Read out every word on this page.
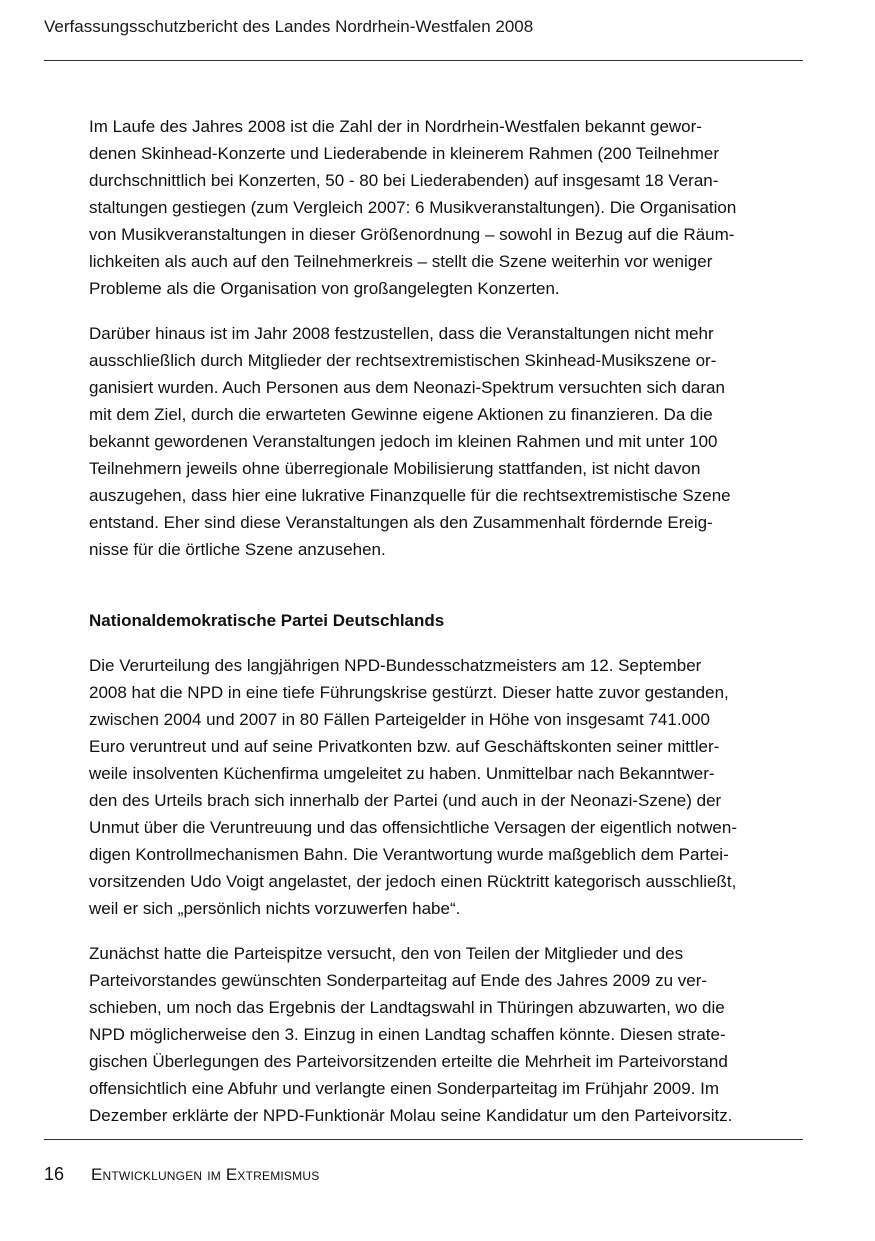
Verfassungsschutzbericht des Landes Nordrhein-Westfalen 2008

Im Laufe des Jahres 2008 ist die Zahl der in Nordrhein-Westfalen bekannt gewor-
denen Skinhead-Konzerte und Liederabende in kleinerem Rahmen (200 Teilnehmer
durchschnittlich bei Konzerten, 50 - 80 bei Liederabenden) auf insgesamt 18 Veran-
staltungen gestiegen (zum Vergleich 2007: 6 Musikveranstaltungen). Die Organisation
von Musikveranstaltungen in dieser Größenordnung – sowohl in Bezug auf die Räum-
lichkeiten als auch auf den Teilnehmerkreis – stellt die Szene weiterhin vor weniger
Probleme als die Organisation von großangelegten Konzerten.

Darüber hinaus ist im Jahr 2008 festzustellen, dass die Veranstaltungen nicht mehr
ausschließlich durch Mitglieder der rechtsextremistischen Skinhead-Musikszene or-
ganisiert wurden. Auch Personen aus dem Neonazi-Spektrum versuchten sich daran
mit dem Ziel, durch die erwarteten Gewinne eigene Aktionen zu finanzieren. Da die
bekannt gewordenen Veranstaltungen jedoch im kleinen Rahmen und mit unter 100
Teilnehmern jeweils ohne überregionale Mobilisierung stattfanden, ist nicht davon
auszugehen, dass hier eine lukrative Finanzquelle für die rechtsextremistische Szene
entstand. Eher sind diese Veranstaltungen als den Zusammenhalt fördernde Ereig-
nisse für die örtliche Szene anzusehen.

Nationaldemokratische Partei Deutschlands

Die Verurteilung des langjährigen NPD-Bundesschatzmeisters am 12. September
2008 hat die NPD in eine tiefe Führungskrise gestürzt. Dieser hatte zuvor gestanden,
zwischen 2004 und 2007 in 80 Fällen Parteigelder in Höhe von insgesamt 741.000
Euro veruntreut und auf seine Privatkonten bzw. auf Geschäftskonten seiner mittler-
weile insolventen Küchenfirma umgeleitet zu haben. Unmittelbar nach Bekanntwer-
den des Urteils brach sich innerhalb der Partei (und auch in der Neonazi-Szene) der
Unmut über die Veruntreuung und das offensichtliche Versagen der eigentlich notwen-
digen Kontrollmechanismen Bahn. Die Verantwortung wurde maßgeblich dem Partei-
vorsitzenden Udo Voigt angelastet, der jedoch einen Rücktritt kategorisch ausschließt,
weil er sich „persönlich nichts vorzuwerfen habe“.

Zunächst hatte die Parteispitze versucht, den von Teilen der Mitglieder und des
Parteivorstandes gewünschten Sonderparteitag auf Ende des Jahres 2009 zu ver-
schieben, um noch das Ergebnis der Landtagswahl in Thüringen abzuwarten, wo die
NPD möglicherweise den 3. Einzug in einen Landtag schaffen könnte. Diesen strate-
gischen Überlegungen des Parteivorsitzenden erteilte die Mehrheit im Parteivorstand
offensichtlich eine Abfuhr und verlangte einen Sonderparteitag im Frühjahr 2009. Im
Dezember erklärte der NPD-Funktionär Molau seine Kandidatur um den Parteivorsitz.

16 Entwicklungen im Extremismus
